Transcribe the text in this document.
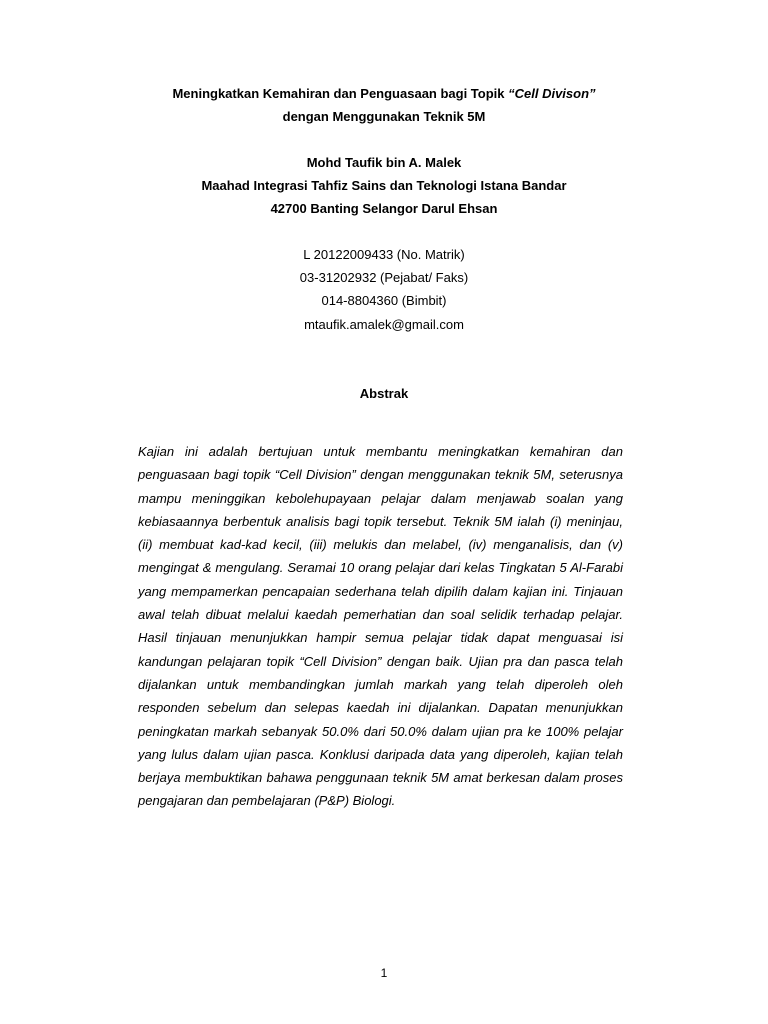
Meningkatkan Kemahiran dan Penguasaan bagi Topik “Cell Divison”
dengan Menggunakan Teknik 5M
Mohd Taufik bin A. Malek
Maahad Integrasi Tahfiz Sains dan Teknologi Istana Bandar
42700 Banting Selangor Darul Ehsan
L 20122009433 (No. Matrik)
03-31202932 (Pejabat/ Faks)
014-8804360 (Bimbit)
mtaufik.amalek@gmail.com
Abstrak
Kajian ini adalah bertujuan untuk membantu meningkatkan kemahiran dan penguasaan bagi topik “Cell Division” dengan menggunakan teknik 5M, seterusnya mampu meninggikan kebolehupayaan pelajar dalam menjawab soalan yang kebiasaannya berbentuk analisis bagi topik tersebut. Teknik 5M ialah (i) meninjau, (ii) membuat kad-kad kecil, (iii) melukis dan melabel, (iv) menganalisis, dan (v) mengingat & mengulang. Seramai 10 orang pelajar dari kelas Tingkatan 5 Al-Farabi yang mempamerkan pencapaian sederhana telah dipilih dalam kajian ini. Tinjauan awal telah dibuat melalui kaedah pemerhatian dan soal selidik terhadap pelajar. Hasil tinjauan menunjukkan hampir semua pelajar tidak dapat menguasai isi kandungan pelajaran topik “Cell Division” dengan baik. Ujian pra dan pasca telah dijalankan untuk membandingkan jumlah markah yang telah diperoleh oleh responden sebelum dan selepas kaedah ini dijalankan. Dapatan menunjukkan peningkatan markah sebanyak 50.0% dari 50.0% dalam ujian pra ke 100% pelajar yang lulus dalam ujian pasca. Konklusi daripada data yang diperoleh, kajian telah berjaya membuktikan bahawa penggunaan teknik 5M amat berkesan dalam proses pengajaran dan pembelajaran (P&P) Biologi.
1
